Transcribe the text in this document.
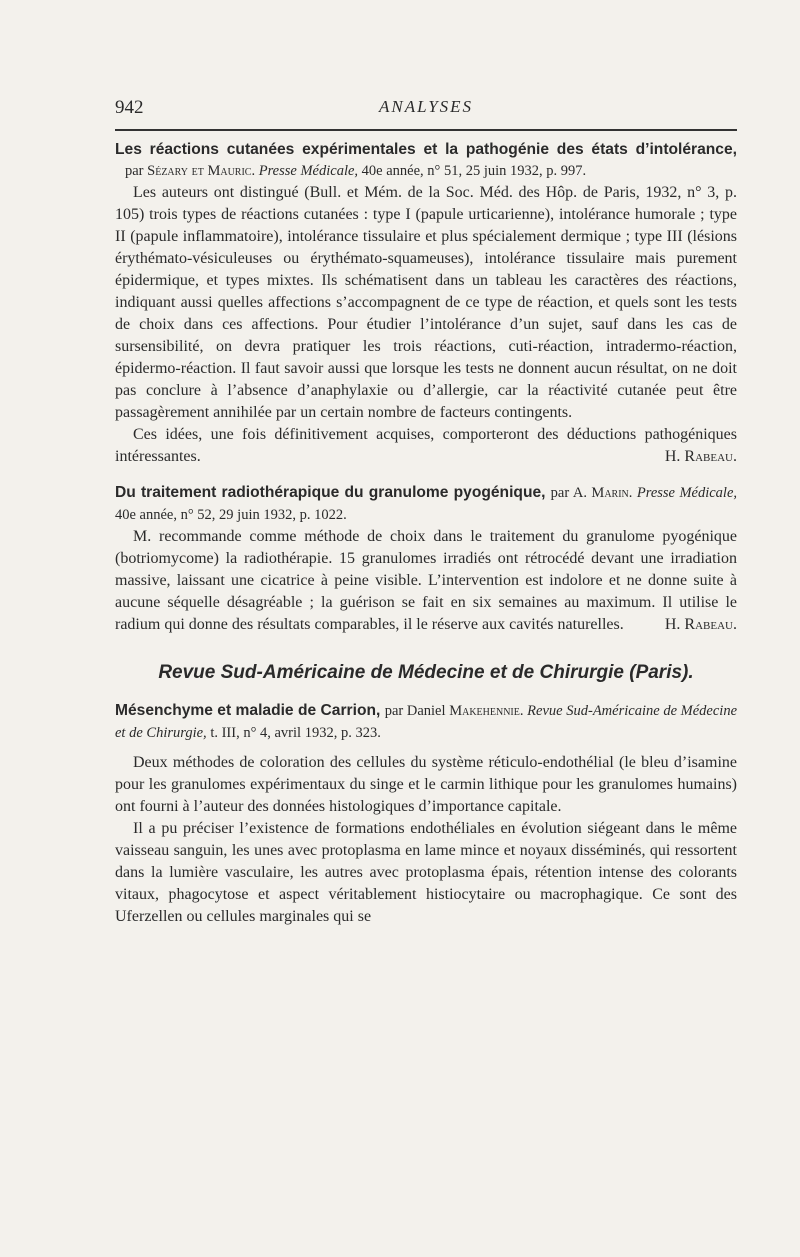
942	ANALYSES

Les réactions cutanées expérimentales et la pathogénie des états d’intolérance, par Sézary et Mauric. Presse Médicale, 40e année, n° 51, 25 juin 1932, p. 997.

Les auteurs ont distingué (Bull. et Mém. de la Soc. Méd. des Hôp. de Paris, 1932, n° 3, p. 105) trois types de réactions cutanées : type I (papule urticarienne), intolérance humorale ; type II (papule inflammatoire), intolérance tissulaire et plus spécialement dermique ; type III (lésions érythémato-vésiculeuses ou érythémato-squameuses), intolérance tissulaire mais purement épidermique, et types mixtes. Ils schématisent dans un tableau les caractères des réactions, indiquant aussi quelles affections s’accompagnent de ce type de réaction, et quels sont les tests de choix dans ces affections. Pour étudier l’intolérance d’un sujet, sauf dans les cas de sursensibilité, on devra pratiquer les trois réactions, cuti-réaction, intradermo-réaction, épidermo-réaction. Il faut savoir aussi que lorsque les tests ne donnent aucun résultat, on ne doit pas conclure à l’absence d’anaphylaxie ou d’allergie, car la réactivité cutanée peut être passagèrement annihilée par un certain nombre de facteurs contingents.

Ces idées, une fois définitivement acquises, comporteront des déductions pathogéniques intéressantes.	H. Rabeau.

Du traitement radiothérapique du granulome pyogénique, par A. Marin. Presse Médicale, 40e année, n° 52, 29 juin 1932, p. 1022.

M. recommande comme méthode de choix dans le traitement du granulome pyogénique (botriomycome) la radiothérapie. 15 granulomes irradiés ont rétrocédé devant une irradiation massive, laissant une cicatrice à peine visible. L’intervention est indolore et ne donne suite à aucune séquelle désagréable ; la guérison se fait en six semaines au maximum. Il utilise le radium qui donne des résultats comparables, il le réserve aux cavités naturelles.	H. Rabeau.

Revue Sud-Américaine de Médecine et de Chirurgie (Paris).

Mésenchyme et maladie de Carrion, par Daniel Makehennie. Revue Sud-Américaine de Médecine et de Chirurgie, t. III, n° 4, avril 1932, p. 323.

Deux méthodes de coloration des cellules du système réticulo-endothélial (le bleu d’isamine pour les granulomes expérimentaux du singe et le carmin lithique pour les granulomes humains) ont fourni à l’auteur des données histologiques d’importance capitale.

Il a pu préciser l’existence de formations endothéliales en évolution siégeant dans le même vaisseau sanguin, les unes avec protoplasma en lame mince et noyaux disséminés, qui ressortent dans la lumière vasculaire, les autres avec protoplasma épais, rétention intense des colorants vitaux, phagocytose et aspect véritablement histiocytaire ou macrophagique. Ce sont des Uferzellen ou cellules marginales qui se
